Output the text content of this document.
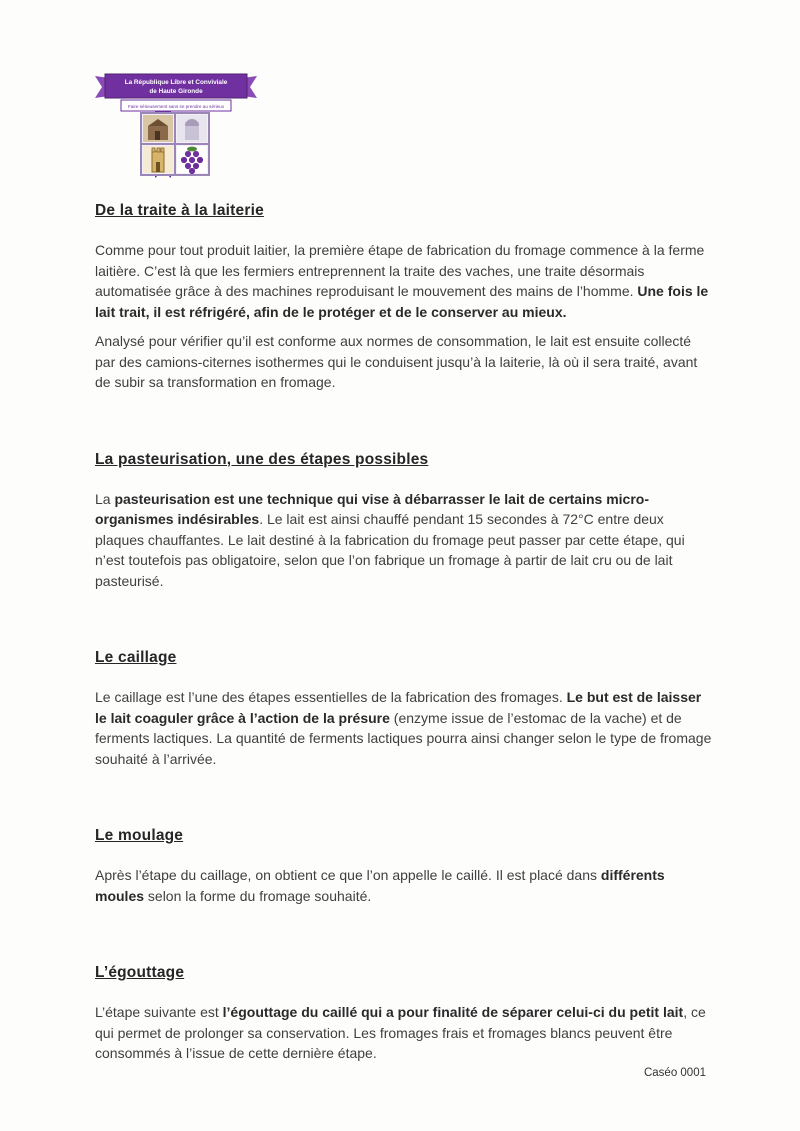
La République Libre et Conviviale
de Haute Gironde
Faire sérieusement sans se prendre au sérieux
De la traite à la laiterie

Comme pour tout produit laitier, la première étape de fabrication du fromage commence à la ferme laitière. C’est là que les fermiers entreprennent la traite des vaches, une traite désormais automatisée grâce à des machines reproduisant le mouvement des mains de l’homme. Une fois le lait trait, il est réfrigéré, afin de le protéger et de le conserver au mieux.

Analysé pour vérifier qu’il est conforme aux normes de consommation, le lait est ensuite collecté par des camions-citernes isothermes qui le conduisent jusqu’à la laiterie, là où il sera traité, avant de subir sa transformation en fromage.

La pasteurisation, une des étapes possibles

La pasteurisation est une technique qui vise à débarrasser le lait de certains micro-organismes indésirables. Le lait est ainsi chauffé pendant 15 secondes à 72°C entre deux plaques chauffantes. Le lait destiné à la fabrication du fromage peut passer par cette étape, qui n’est toutefois pas obligatoire, selon que l’on fabrique un fromage à partir de lait cru ou de lait pasteurisé.

Le caillage

Le caillage est l’une des étapes essentielles de la fabrication des fromages. Le but est de laisser le lait coaguler grâce à l’action de la présure (enzyme issue de l’estomac de la vache) et de ferments lactiques. La quantité de ferments lactiques pourra ainsi changer selon le type de fromage souhaité à l’arrivée.

Le moulage

Après l’étape du caillage, on obtient ce que l’on appelle le caillé. Il est placé dans différents moules selon la forme du fromage souhaité.

L’égouttage

L’étape suivante est l’égouttage du caillé qui a pour finalité de séparer celui-ci du petit lait, ce qui permet de prolonger sa conservation. Les fromages frais et fromages blancs peuvent être consommés à l’issue de cette dernière étape.

Caséo 0001
